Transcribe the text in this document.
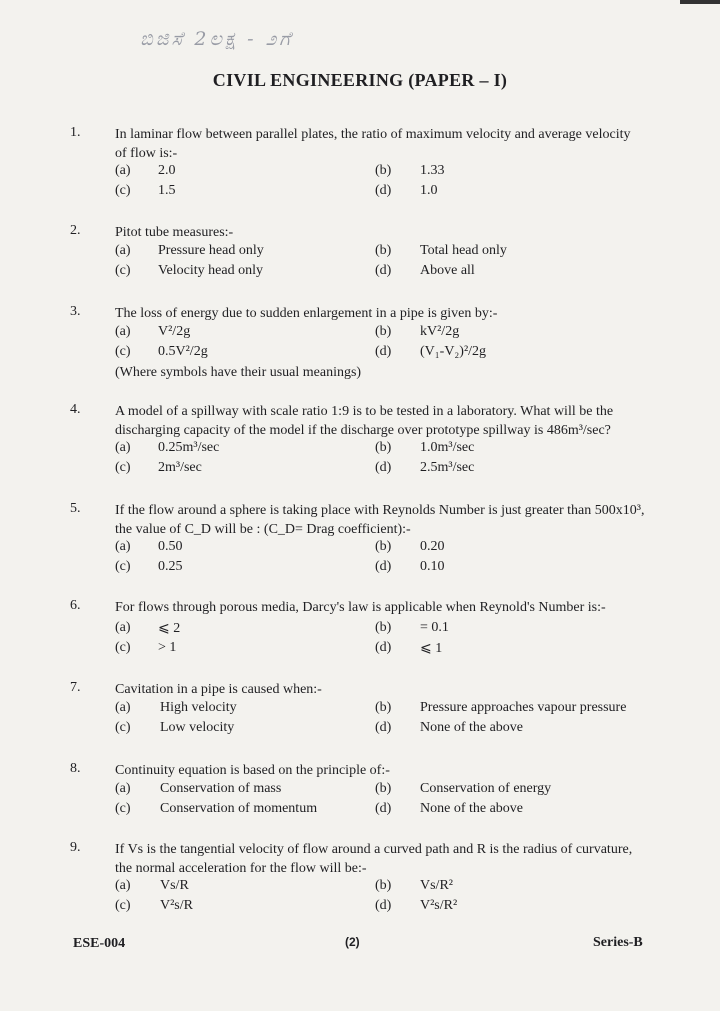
ಬಿಜಿಸೆ 2ಲಕ್ಷ - ೨ಗೆ
CIVIL ENGINEERING (PAPER – I)
1. In laminar flow between parallel plates, the ratio of maximum velocity and average velocity of flow is:-
(a) 2.0	(b) 1.33
(c) 1.5	(d) 1.0
2. Pitot tube measures:-
(a) Pressure head only	(b) Total head only
(c) Velocity head only	(d) Above all
3. The loss of energy due to sudden enlargement in a pipe is given by:-
(a) V²/2g	(b) kV²/2g
(c) 0.5V²/2g	(d) (V₁-V₂)²/2g
(Where symbols have their usual meanings)
4. A model of a spillway with scale ratio 1:9 is to be tested in a laboratory. What will be the discharging capacity of the model if the discharge over prototype spillway is 486m³/sec?
(a) 0.25m³/sec	(b) 1.0m³/sec
(c) 2m³/sec	(d) 2.5m³/sec
5. If the flow around a sphere is taking place with Reynolds Number is just greater than 500x10³, the value of C_D will be : (C_D= Drag coefficient):-
(a) 0.50	(b) 0.20
(c) 0.25	(d) 0.10
6. For flows through porous media, Darcy's law is applicable when Reynold's Number is:-
(a) ⩽ 2	(b) = 0.1
(c) > 1	(d) ⩽ 1
7. Cavitation in a pipe is caused when:-
(a) High velocity	(b) Pressure approaches vapour pressure
(c) Low velocity	(d) None of the above
8. Continuity equation is based on the principle of:-
(a) Conservation of mass	(b) Conservation of energy
(c) Conservation of momentum	(d) None of the above
9. If Vs is the tangential velocity of flow around a curved path and R is the radius of curvature, the normal acceleration for the flow will be:-
(a) Vs/R	(b) Vs/R²
(c) V²s/R	(d) V²s/R²
ESE-004	(2)	Series-B
